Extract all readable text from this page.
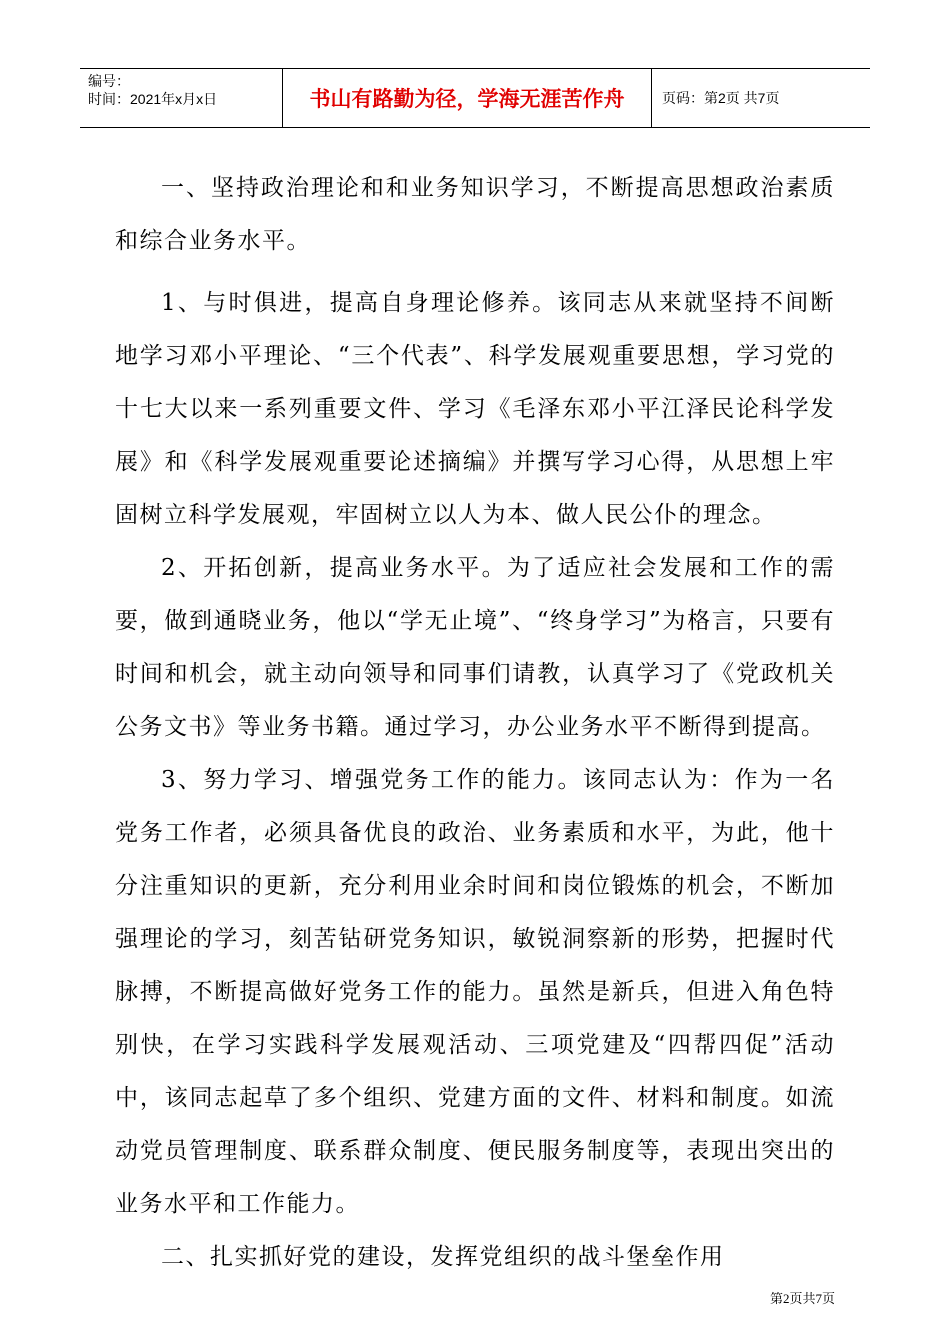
编号：
时间：2021年x月x日	书山有路勤为径，学海无涯苦作舟	页码：第2页 共7页

一、坚持政治理论和和业务知识学习，不断提高思想政治素质和综合业务水平。

1、与时俱进，提高自身理论修养。该同志从来就坚持不间断地学习邓小平理论、“三个代表”、科学发展观重要思想，学习党的十七大以来一系列重要文件、学习《毛泽东邓小平江泽民论科学发展》和《科学发展观重要论述摘编》并撰写学习心得，从思想上牢固树立科学发展观，牢固树立以人为本、做人民公仆的理念。

2、开拓创新，提高业务水平。为了适应社会发展和工作的需要，做到通晓业务，他以“学无止境”、“终身学习”为格言，只要有时间和机会，就主动向领导和同事们请教，认真学习了《党政机关公务文书》等业务书籍。通过学习，办公业务水平不断得到提高。

3、努力学习、增强党务工作的能力。该同志认为：作为一名党务工作者，必须具备优良的政治、业务素质和水平，为此，他十分注重知识的更新，充分利用业余时间和岗位锻炼的机会，不断加强理论的学习，刻苦钻研党务知识，敏锐洞察新的形势，把握时代脉搏，不断提高做好党务工作的能力。虽然是新兵，但进入角色特别快，在学习实践科学发展观活动、三项党建及“四帮四促”活动中，该同志起草了多个组织、党建方面的文件、材料和制度。如流动党员管理制度、联系群众制度、便民服务制度等，表现出突出的业务水平和工作能力。

二、扎实抓好党的建设，发挥党组织的战斗堡垒作用

第2页共7页
